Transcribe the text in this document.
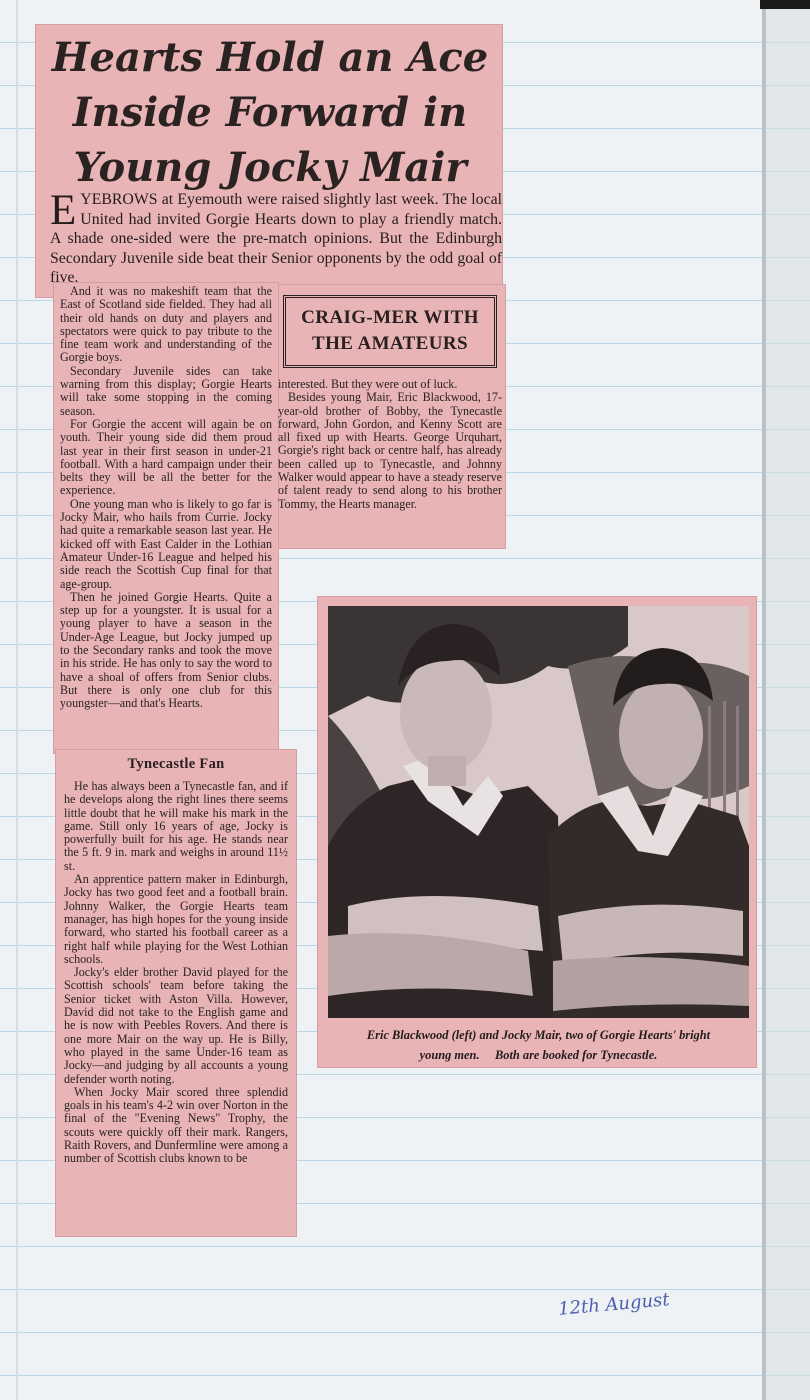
Hearts Hold an Ace Inside Forward in Young Jocky Mair

EYEBROWS at Eyemouth were raised slightly last week. The local United had invited Gorgie Hearts down to play a friendly match. A shade one-sided were the pre-match opinions. But the Edinburgh Secondary Juvenile side beat their Senior opponents by the odd goal of five.

And it was no makeshift team that the East of Scotland side fielded. They had all their old hands on duty and players and spectators were quick to pay tribute to the fine team work and understanding of the Gorgie boys.

Secondary Juvenile sides can take warning from this display; Gorgie Hearts will take some stopping in the coming season.

For Gorgie the accent will again be on youth. Their young side did them proud last year in their first season in under-21 football. With a hard campaign under their belts they will be all the better for the experience.

One young man who is likely to go far is Jocky Mair, who hails from Currie. Jocky had quite a remarkable season last year. He kicked off with East Calder in the Lothian Amateur Under-16 League and helped his side reach the Scottish Cup final for that age-group.

Then he joined Gorgie Hearts. Quite a step up for a youngster. It is usual for a young player to have a season in the Under-Age League, but Jocky jumped up to the Secondary ranks and took the move in his stride. He has only to say the word to have a shoal of offers from Senior clubs. But there is only one club for this youngster—and that's Hearts.

CRAIG-MER WITH
THE AMATEURS

interested. But they were out of luck.

Besides young Mair, Eric Blackwood, 17-year-old brother of Bobby, the Tynecastle forward, John Gordon, and Kenny Scott are all fixed up with Hearts. George Urquhart, Gorgie's right back or centre half, has already been called up to Tynecastle, and Johnny Walker would appear to have a steady reserve of talent ready to send along to his brother Tommy, the Hearts manager.

Tynecastle Fan

He has always been a Tynecastle fan, and if he develops along the right lines there seems little doubt that he will make his mark in the game. Still only 16 years of age, Jocky is powerfully built for his age. He stands near the 5 ft. 9 in. mark and weighs in around 11½ st.

An apprentice pattern maker in Edinburgh, Jocky has two good feet and a football brain. Johnny Walker, the Gorgie Hearts team manager, has high hopes for the young inside forward, who started his football career as a right half while playing for the West Lothian schools.

Jocky's elder brother David played for the Scottish schools' team before taking the Senior ticket with Aston Villa. However, David did not take to the English game and he is now with Peebles Rovers. And there is one more Mair on the way up. He is Billy, who played in the same Under-16 team as Jocky—and judging by all accounts a young defender worth noting.

When Jocky Mair scored three splendid goals in his team's 4-2 win over Norton in the final of the "Evening News" Trophy, the scouts were quickly off their mark. Rangers, Raith Rovers, and Dunfermline were among a number of Scottish clubs known to be

Eric Blackwood (left) and Jocky Mair, two of Gorgie Hearts' bright
young men.     Both are booked for Tynecastle.

12th August
